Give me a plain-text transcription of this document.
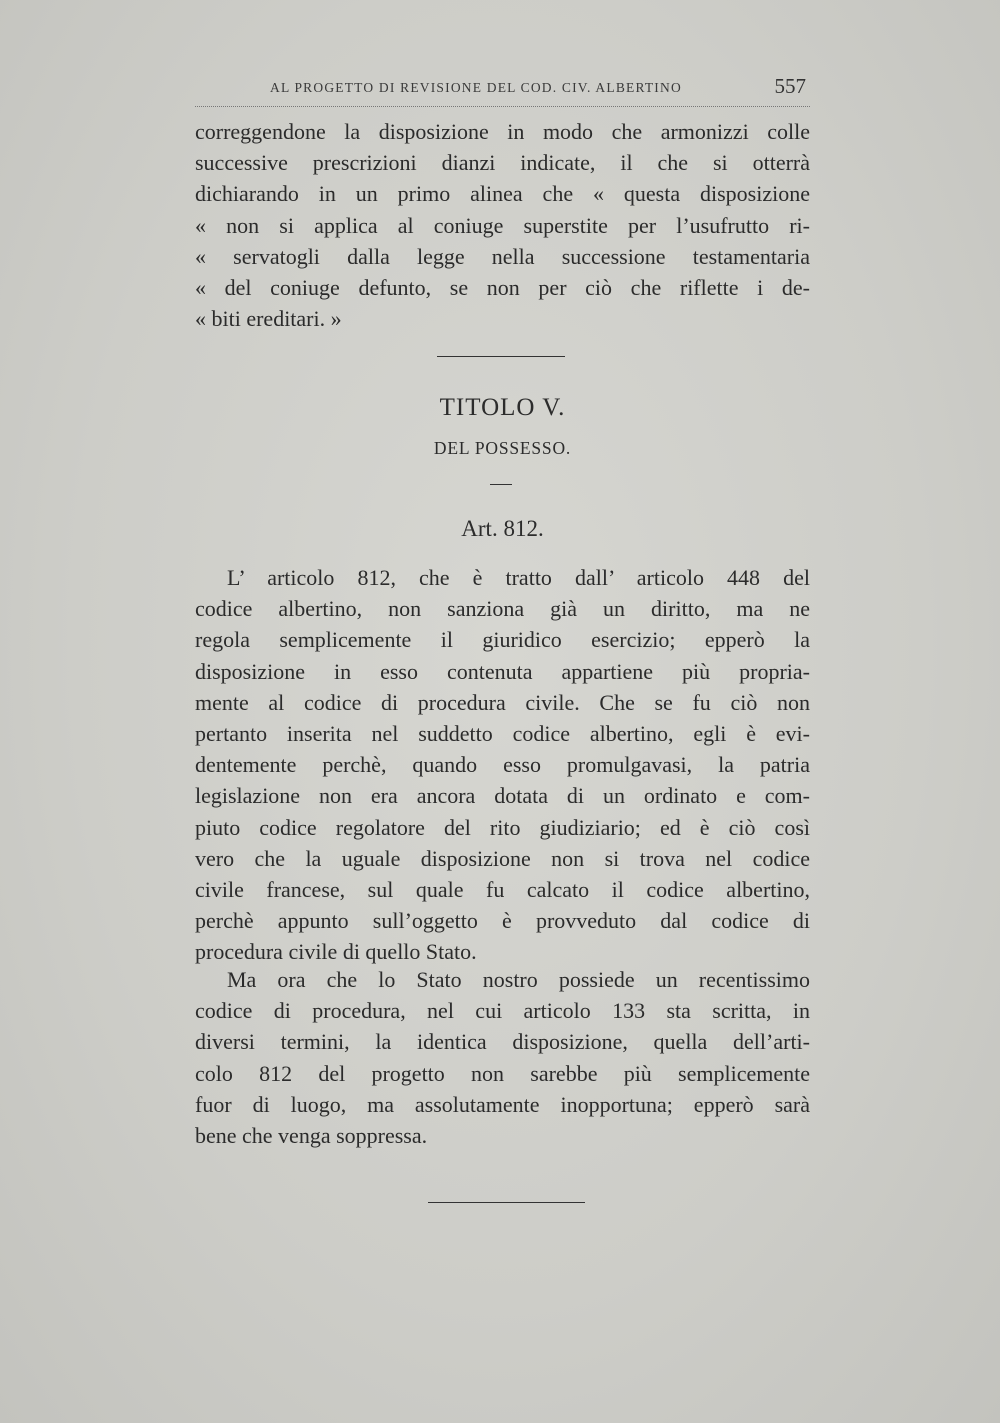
AL PROGETTO DI REVISIONE DEL COD. CIV. ALBERTINO	557
correggendone la disposizione in modo che armonizzi colle
successive prescrizioni dianzi indicate, il che si otterrà
dichiarando in un primo alinea che « questa disposizione
« non si applica al coniuge superstite per l’usufrutto ri-
« servatogli dalla legge nella successione testamentaria
« del coniuge defunto, se non per ciò che riflette i de-
« biti ereditari. »
TITOLO V.
DEL POSSESSO.
Art. 812.
L’ articolo 812, che è tratto dall’ articolo 448 del
codice albertino, non sanziona già un diritto, ma ne
regola semplicemente il giuridico esercizio; epperò la
disposizione in esso contenuta appartiene più propria-
mente al codice di procedura civile. Che se fu ciò non
pertanto inserita nel suddetto codice albertino, egli è evi-
dentemente perchè, quando esso promulgavasi, la patria
legislazione non era ancora dotata di un ordinato e com-
piuto codice regolatore del rito giudiziario; ed è ciò così
vero che la uguale disposizione non si trova nel codice
civile francese, sul quale fu calcato il codice albertino,
perchè appunto sull’oggetto è provveduto dal codice di
procedura civile di quello Stato.
Ma ora che lo Stato nostro possiede un recentissimo
codice di procedura, nel cui articolo 133 sta scritta, in
diversi termini, la identica disposizione, quella dell’arti-
colo 812 del progetto non sarebbe più semplicemente
fuor di luogo, ma assolutamente inopportuna; epperò sarà
bene che venga soppressa.
